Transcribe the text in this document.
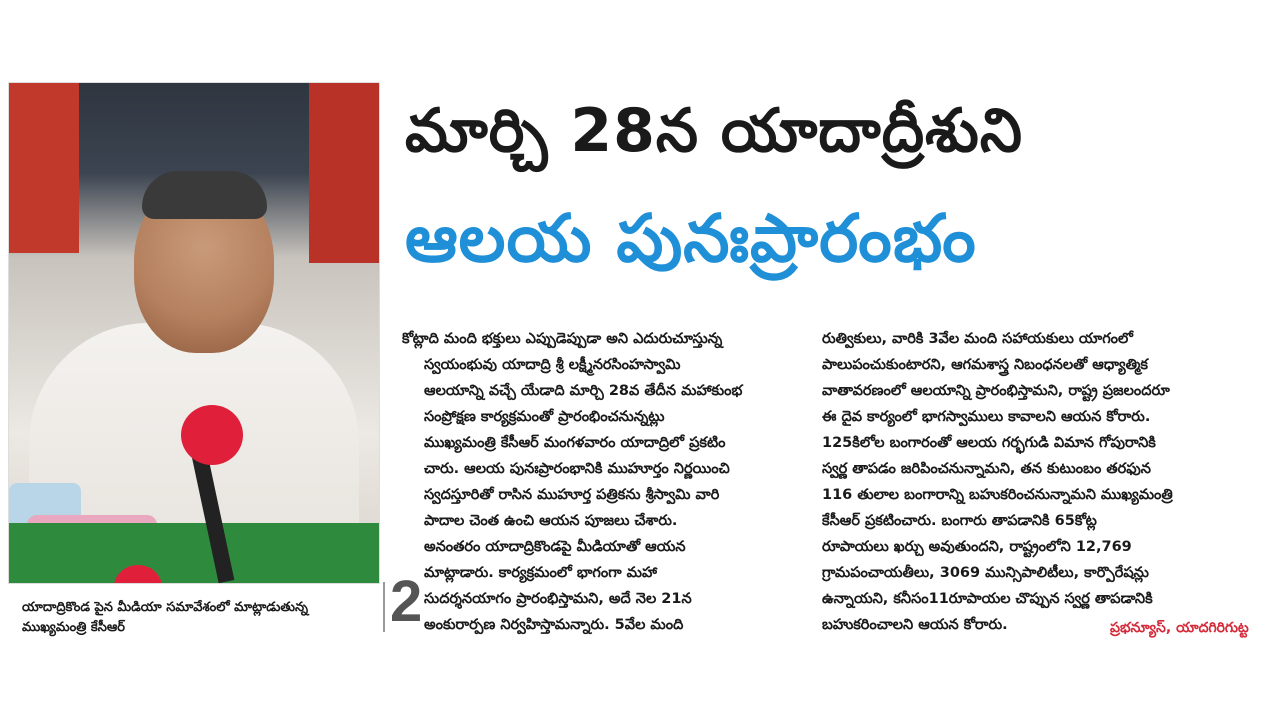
యాదాద్రికొండ పైన మీడియా సమావేశంలో మాట్లాడుతున్న ముఖ్యమంత్రి కేసీఆర్	2
మార్చి 28న యాదాద్రీశుని
ఆలయ పునఃప్రారంభం
కోట్లాది మంది భక్తులు ఎప్పుడెప్పుడా అని ఎదురుచూస్తున్న
స్వయంభువు యాదాద్రి శ్రీ లక్ష్మీనరసింహస్వామి
ఆలయాన్ని వచ్చే యేడాది మార్చి 28వ తేదీన మహాకుంభ
సంప్రోక్షణ కార్యక్రమంతో ప్రారంభించనున్నట్లు
ముఖ్యమంత్రి కేసీఆర్ మంగళవారం యాదాద్రిలో ప్రకటిం
చారు. ఆలయ పునఃప్రారంభానికి ముహూర్తం నిర్ణయించి
స్వదస్తూరితో రాసిన ముహూర్త పత్రికను శ్రీస్వామి వారి
పాదాల చెంత ఉంచి ఆయన పూజలు చేశారు.
అనంతరం యాదాద్రికొండపై మీడియాతో ఆయన
మాట్లాడారు. కార్యక్రమంలో భాగంగా మహా
సుదర్శనయాగం ప్రారంభిస్తామని, అదే నెల 21న
అంకురార్పణ నిర్వహిస్తామన్నారు. 5వేల మంది
రుత్వికులు, వారికి 3వేల మంది సహాయకులు యాగంలో
పాలుపంచుకుంటారని, ఆగమశాస్త్ర నిబంధనలతో ఆధ్యాత్మిక
వాతావరణంలో ఆలయాన్ని ప్రారంభిస్తామని, రాష్ట్ర ప్రజలందరూ
ఈ దైవ కార్యంలో భాగస్వాములు కావాలని ఆయన కోరారు.
125కిలోల బంగారంతో ఆలయ గర్భగుడి విమాన గోపురానికి
స్వర్ణ తాపడం జరిపించనున్నామని, తన కుటుంబం తరఫున
116 తులాల బంగారాన్ని బహుకరించనున్నామని ముఖ్యమంత్రి
కేసీఆర్ ప్రకటించారు. బంగారు తాపడానికి 65కోట్ల
రూపాయలు ఖర్చు అవుతుందని, రాష్ట్రంలోని 12,769
గ్రామపంచాయతీలు, 3069 మున్సిపాలిటీలు, కార్పొరేషన్లు
ఉన్నాయని, కనీసం11రూపాయల చొప్పున స్వర్ణ తాపడానికి
బహుకరించాలని ఆయన కోరారు.	ప్రభన్యూస్, యాదగిరిగుట్ట
